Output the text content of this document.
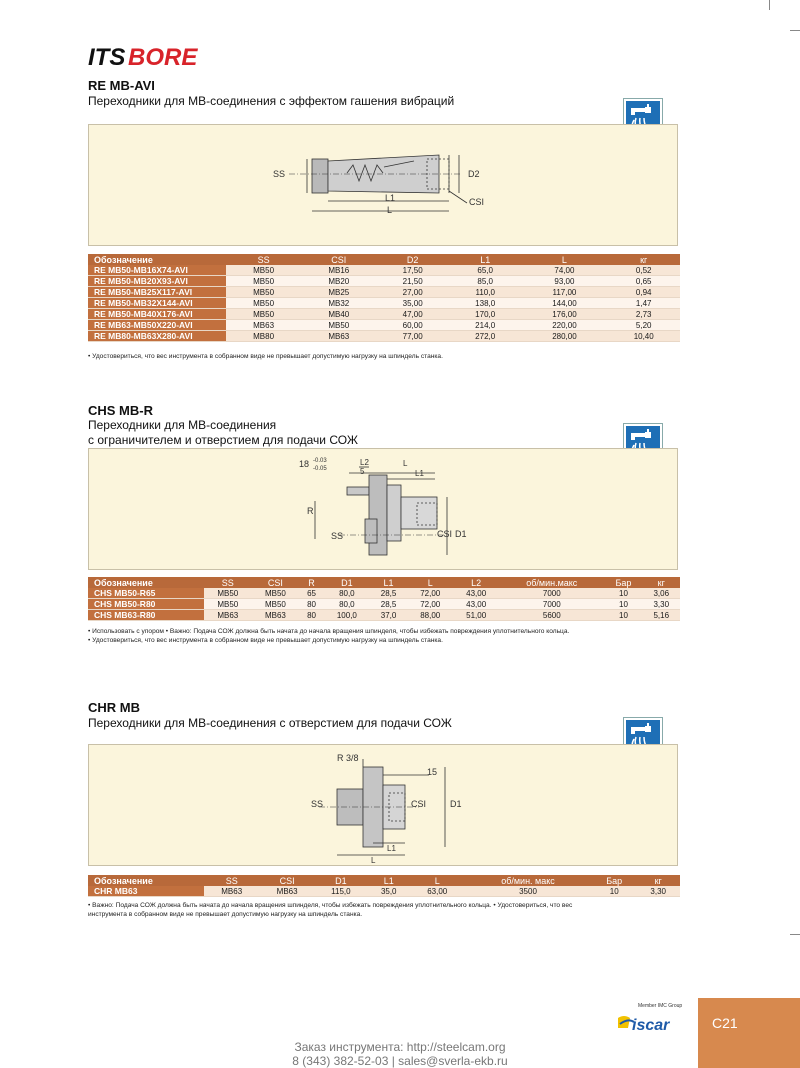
ITS BORE
RE MB-AVI
Переходники для МВ-соединения с эффектом гашения вибраций
SS	D2
L1
L
CSI
Обозначение	SS	CSI	D2	L1	L	кг
RE MB50-MB16X74-AVI	MB50	MB16	17,50	65,0	74,00	0,52
RE MB50-MB20X93-AVI	MB50	MB20	21,50	85,0	93,00	0,65
RE MB50-MB25X117-AVI	MB50	MB25	27,00	110,0	117,00	0,94
RE MB50-MB32X144-AVI	MB50	MB32	35,00	138,0	144,00	1,47
RE MB50-MB40X176-AVI	MB50	MB40	47,00	170,0	176,00	2,73
RE MB63-MB50X220-AVI	MB63	MB50	60,00	214,0	220,00	5,20
RE MB80-MB63X280-AVI	MB80	MB63	77,00	272,0	280,00	10,40
• Удостовериться, что вес инструмента в собранном виде не превышает допустимую нагрузку на шпиндель станка.
CHS MB-R
Переходники для МВ-соединения
с ограничителем и отверстием для подачи СОЖ
18 -0.03
-0.05
L2
5
L
L1
R
SS	CSI D1
Обозначение	SS	CSI	R	D1	L1	L	L2	об/мин.макс	Бар	кг
CHS MB50-R65	MB50	MB50	65	80,0	28,5	72,00	43,00	7000	10	3,06
CHS MB50-R80	MB50	MB50	80	80,0	28,5	72,00	43,00	7000	10	3,30
CHS MB63-R80	MB63	MB63	80	100,0	37,0	88,00	51,00	5600	10	5,16
• Использовать с упором • Важно: Подача СОЖ должна быть начата до начала вращения шпинделя, чтобы избежать повреждения уплотнительного кольца.
• Удостовериться, что вес инструмента в собранном виде не превышает допустимую нагрузку на шпиндель станка.
CHR MB
Переходники для МВ-соединения с отверстием для подачи СОЖ
R 3/8
15
SS	CSI	D1
L1
L
Обозначение	SS	CSI	D1	L1	L	об/мин. макс	Бар	кг
CHR MB63	MB63	MB63	115,0	35,0	63,00	3500	10	3,30
• Важно: Подача СОЖ должна быть начата до начала вращения шпинделя, чтобы избежать повреждения уплотнительного кольца. • Удостовериться, что вес
инструмента в собранном виде не превышает допустимую нагрузку на шпиндель станка.
Member IMC Group
iscar	C21
Заказ инструмента: http://steelcam.org
8 (343) 382-52-03 | sales@sverla-ekb.ru
